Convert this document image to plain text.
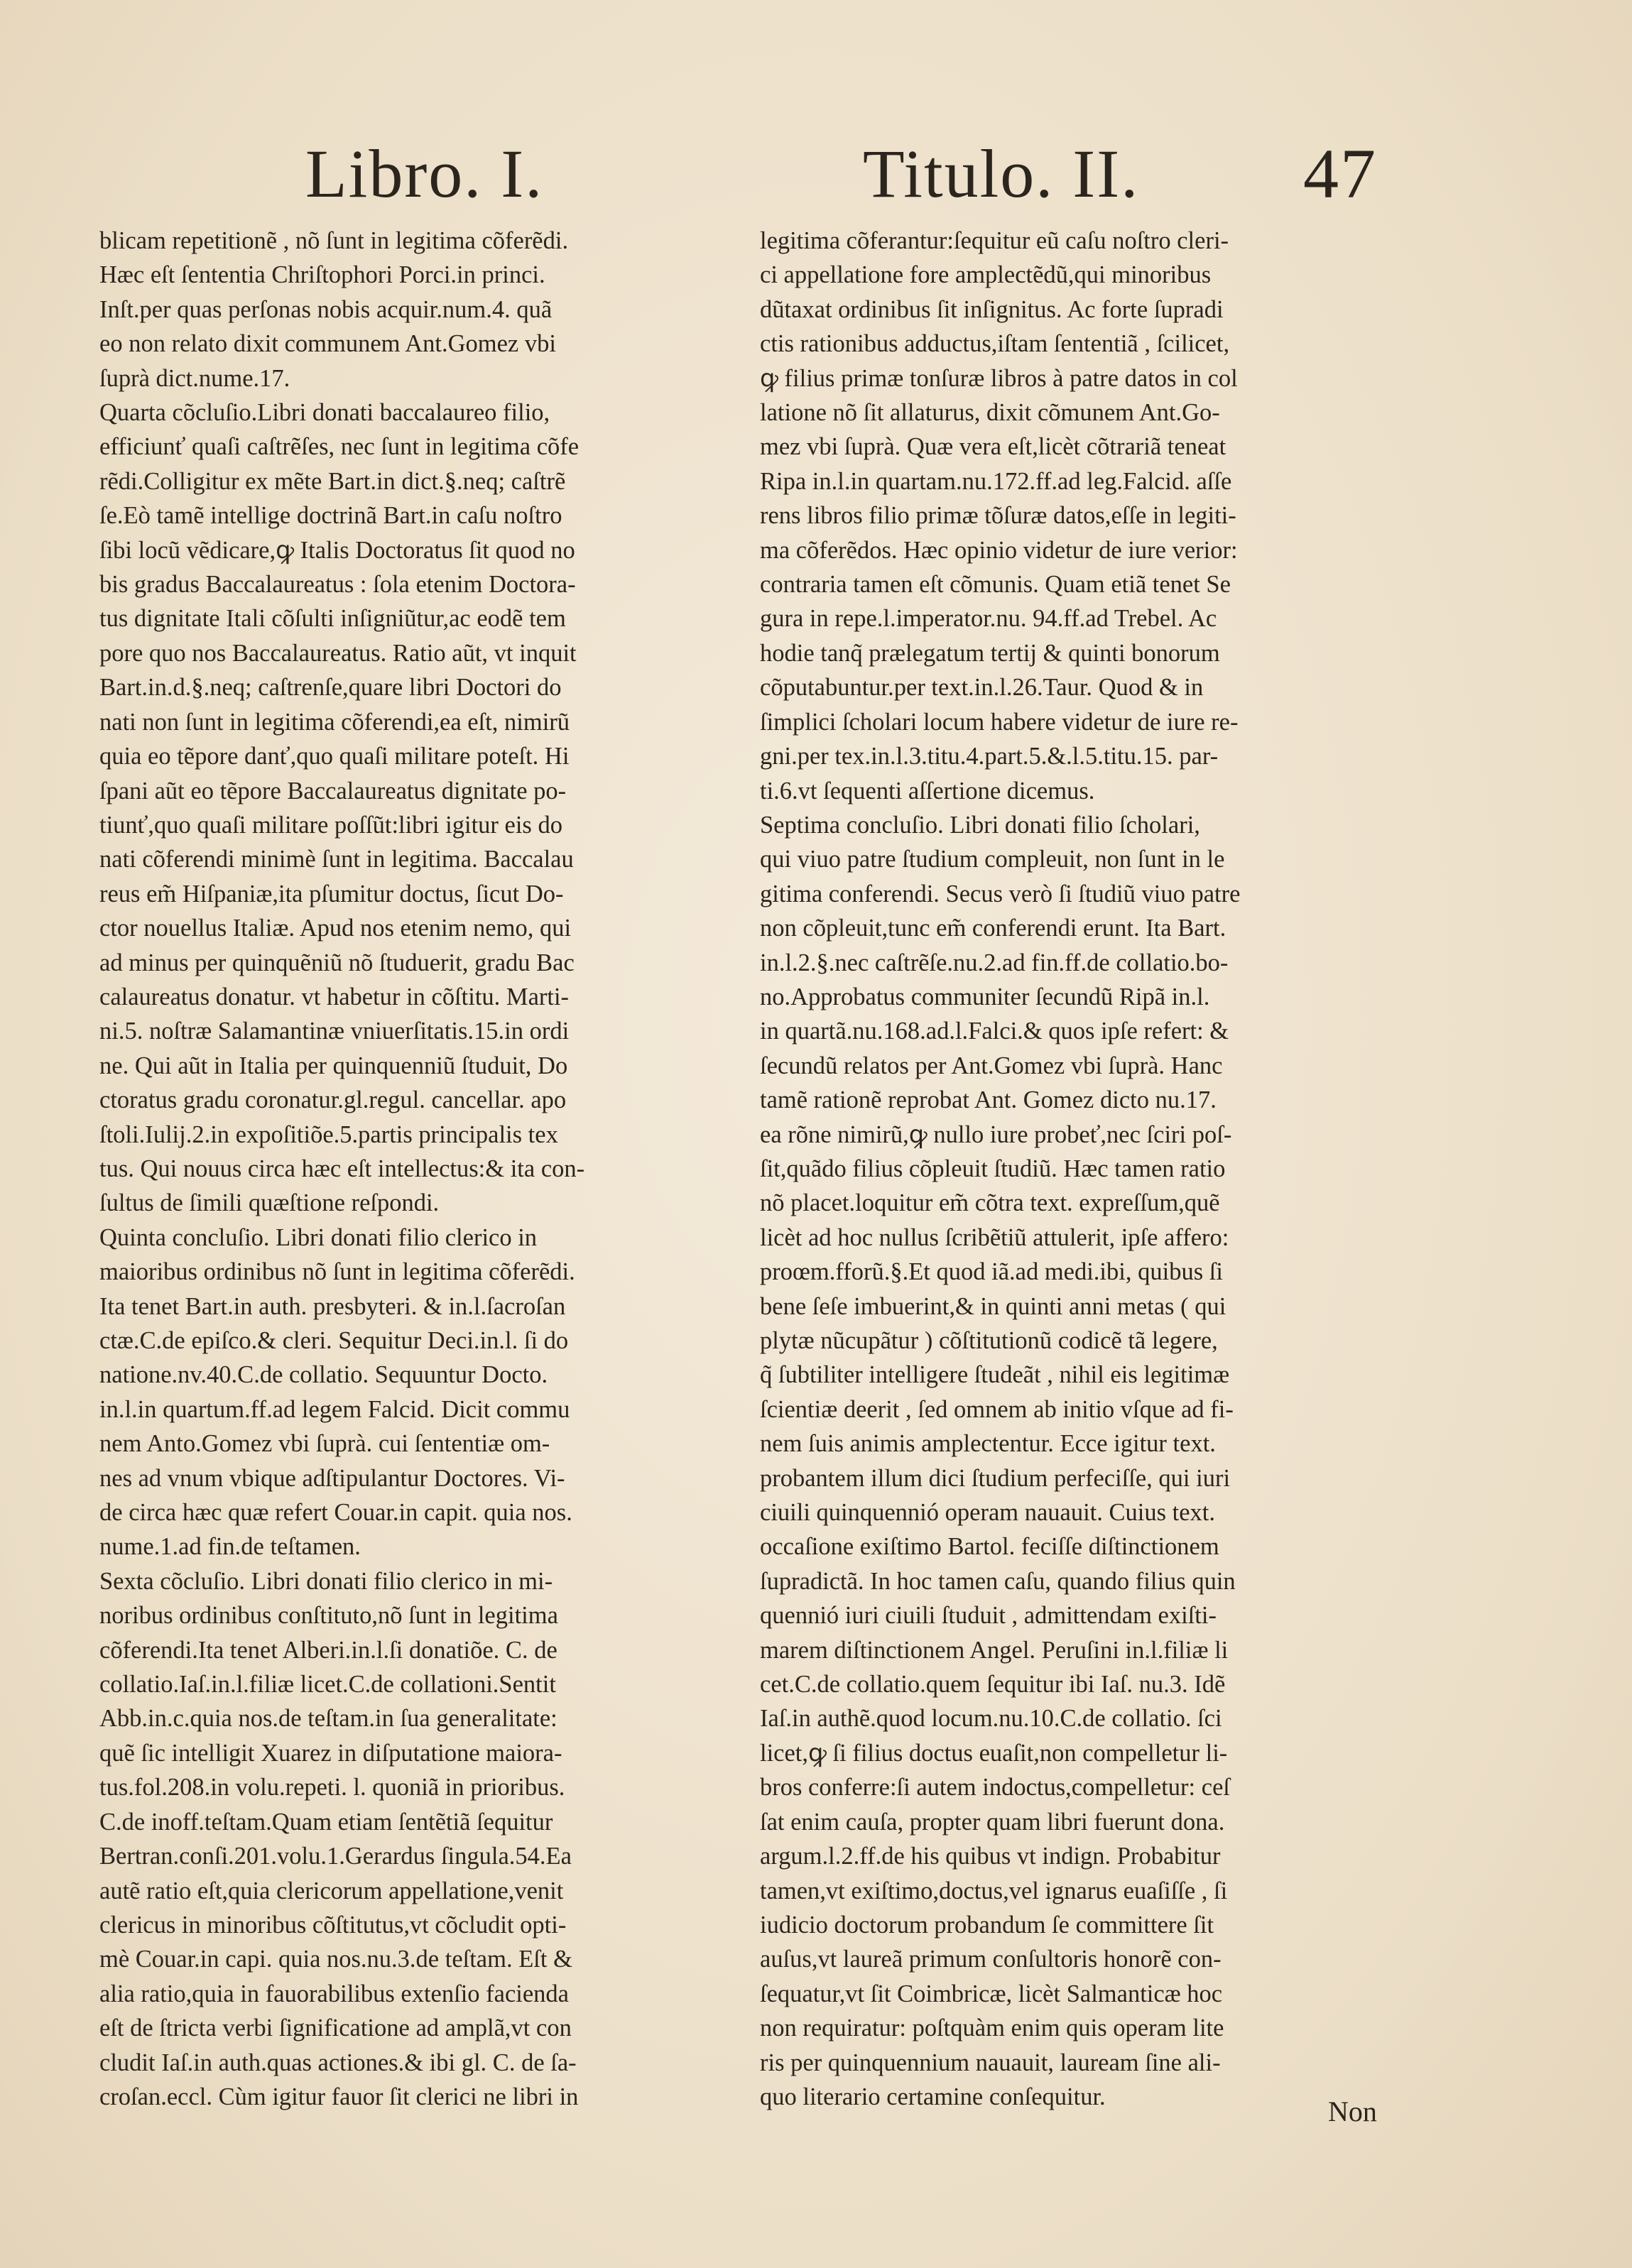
Libro. I.	Titulo. II. 47
blicam repetitionẽ , nõ ſunt in legitima cõferẽdi.
Hæc eſt ſententia Chriſtophori Porci.in princi.
Inſt.per quas perſonas nobis acquir.num.4. quã
eo non relato dixit communem Ant.Gomez vbi
ſuprà dict.nume.17.
Quarta cõcluſio.Libri donati baccalaureo filio,
efficiunť quaſi caſtrẽſes, nec ſunt in legitima cõfe
rẽdi.Colligitur ex mẽte Bart.in dict.§.neq; caſtrẽ
ſe.Eò tamẽ intellige doctrinã Bart.in caſu noſtro
ſibi locũ vẽdicare,ꝙ Italis Doctoratus ſit quod no
bis gradus Baccalaureatus : ſola etenim Doctora-
tus dignitate Itali cõſulti inſigniũtur,ac eodẽ tem
pore quo nos Baccalaureatus. Ratio aũt, vt inquit
Bart.in.d.§.neq; caſtrenſe,quare libri Doctori do
nati non ſunt in legitima cõferendi,ea eſt, nimirũ
quia eo tẽpore danť,quo quaſi militare poteſt. Hi
ſpani aũt eo tẽpore Baccalaureatus dignitate po-
tiunť,quo quaſi militare poſſũt:libri igitur eis do
nati cõferendi minimè ſunt in legitima. Baccalau
reus em̃ Hiſpaniæ,ita pſumitur doctus, ſicut Do-
ctor nouellus Italiæ. Apud nos etenim nemo, qui
ad minus per quinquẽniũ nõ ſtuduerit, gradu Bac
calaureatus donatur. vt habetur in cõſtitu. Marti-
ni.5. noſtræ Salamantinæ vniuerſitatis.15.in ordi
ne. Qui aũt in Italia per quinquenniũ ſtuduit, Do
ctoratus gradu coronatur.gl.regul. cancellar. apo
ſtoli.Iulij.2.in expoſitiõe.5.partis principalis tex
tus. Qui nouus circa hæc eſt intellectus:& ita con-
ſultus de ſimili quæſtione reſpondi.
Quinta concluſio. Libri donati filio clerico in
maioribus ordinibus nõ ſunt in legitima cõferẽdi.
Ita tenet Bart.in auth. presbyteri. & in.l.ſacroſan
ctæ.C.de epiſco.& cleri. Sequitur Deci.in.l. ſi do
natione.nv.40.C.de collatio. Sequuntur Docto.
in.l.in quartum.ff.ad legem Falcid. Dicit commu
nem Anto.Gomez vbi ſuprà. cui ſententiæ om-
nes ad vnum vbique adſtipulantur Doctores. Vi-
de circa hæc quæ refert Couar.in capit. quia nos.
nume.1.ad fin.de teſtamen.
Sexta cõcluſio. Libri donati filio clerico in mi-
noribus ordinibus conſtituto,nõ ſunt in legitima
cõferendi.Ita tenet Alberi.in.l.ſi donatiõe. C. de
collatio.Iaſ.in.l.filiæ licet.C.de collationi.Sentit
Abb.in.c.quia nos.de teſtam.in ſua generalitate:
quẽ ſic intelligit Xuarez in diſputatione maiora-
tus.fol.208.in volu.repeti. l. quoniã in prioribus.
C.de inoff.teſtam.Quam etiam ſentẽtiã ſequitur
Bertran.conſi.201.volu.1.Gerardus ſingula.54.Ea
autẽ ratio eſt,quia clericorum appellatione,venit
clericus in minoribus cõſtitutus,vt cõcludit opti-
mè Couar.in capi. quia nos.nu.3.de teſtam. Eſt &
alia ratio,quia in fauorabilibus extenſio facienda
eſt de ſtricta verbi ſignificatione ad amplã,vt con
cludit Iaſ.in auth.quas actiones.& ibi gl. C. de ſa-
croſan.eccl. Cùm igitur fauor ſit clerici ne libri in
legitima cõferantur:ſequitur eũ caſu noſtro cleri-
ci appellatione fore amplectẽdũ,qui minoribus
dũtaxat ordinibus ſit inſignitus. Ac forte ſupradi
ctis rationibus adductus,iſtam ſententiã , ſcilicet,
ꝙ filius primæ tonſuræ libros à patre datos in col
latione nõ ſit allaturus, dixit cõmunem Ant.Go-
mez vbi ſuprà. Quæ vera eſt,licèt cõtrariã teneat
Ripa in.l.in quartam.nu.172.ff.ad leg.Falcid. aſſe
rens libros filio primæ tõſuræ datos,eſſe in legiti-
ma cõferẽdos. Hæc opinio videtur de iure verior:
contraria tamen eſt cõmunis. Quam etiã tenet Se
gura in repe.l.imperator.nu. 94.ff.ad Trebel. Ac
hodie tanq̃ prælegatum tertij & quinti bonorum
cõputabuntur.per text.in.l.26.Taur. Quod & in
ſimplici ſcholari locum habere videtur de iure re-
gni.per tex.in.l.3.titu.4.part.5.&.l.5.titu.15. par-
ti.6.vt ſequenti aſſertione dicemus.
Septima concluſio. Libri donati filio ſcholari,
qui viuo patre ſtudium compleuit, non ſunt in le
gitima conferendi. Secus verò ſi ſtudiũ viuo patre
non cõpleuit,tunc em̃ conferendi erunt. Ita Bart.
in.l.2.§.nec caſtrẽſe.nu.2.ad fin.ff.de collatio.bo-
no.Approbatus communiter ſecundũ Ripã in.l.
in quartã.nu.168.ad.l.Falci.& quos ipſe refert: &
ſecundũ relatos per Ant.Gomez vbi ſuprà. Hanc
tamẽ rationẽ reprobat Ant. Gomez dicto nu.17.
ea rõne nimirũ,ꝙ nullo iure probeť,nec ſciri poſ-
ſit,quãdo filius cõpleuit ſtudiũ. Hæc tamen ratio
nõ placet.loquitur em̃ cõtra text. expreſſum,quẽ
licèt ad hoc nullus ſcribẽtiũ attulerit, ipſe affero:
proœm.fforũ.§.Et quod iã.ad medi.ibi, quibus ſi
bene ſeſe imbuerint,& in quinti anni metas ( qui
plytæ nũcupãtur ) cõſtitutionũ codicẽ tã legere,
q̃ ſubtiliter intelligere ſtudeãt , nihil eis legitimæ
ſcientiæ deerit , ſed omnem ab initio vſque ad fi-
nem ſuis animis amplectentur. Ecce igitur text.
probantem illum dici ſtudium perfeciſſe, qui iuri
ciuili quinquennió operam nauauit. Cuius text.
occaſione exiſtimo Bartol. feciſſe diſtinctionem
ſupradictã. In hoc tamen caſu, quando filius quin
quennió iuri ciuili ſtuduit , admittendam exiſti-
marem diſtinctionem Angel. Peruſini in.l.filiæ li
cet.C.de collatio.quem ſequitur ibi Iaſ. nu.3. Idẽ
Iaſ.in authẽ.quod locum.nu.10.C.de collatio. ſci
licet,ꝙ ſi filius doctus euaſit,non compelletur li-
bros conferre:ſi autem indoctus,compelletur: ceſ
ſat enim cauſa, propter quam libri fuerunt dona.
argum.l.2.ff.de his quibus vt indign. Probabitur
tamen,vt exiſtimo,doctus,vel ignarus euaſiſſe , ſi
iudicio doctorum probandum ſe committere ſit
auſus,vt laureã primum conſultoris honorẽ con-
ſequatur,vt ſit Coimbricæ, licèt Salmanticæ hoc
non requiratur: poſtquàm enim quis operam lite
ris per quinquennium nauauit, lauream ſine ali-
quo literario certamine conſequitur.	Non
